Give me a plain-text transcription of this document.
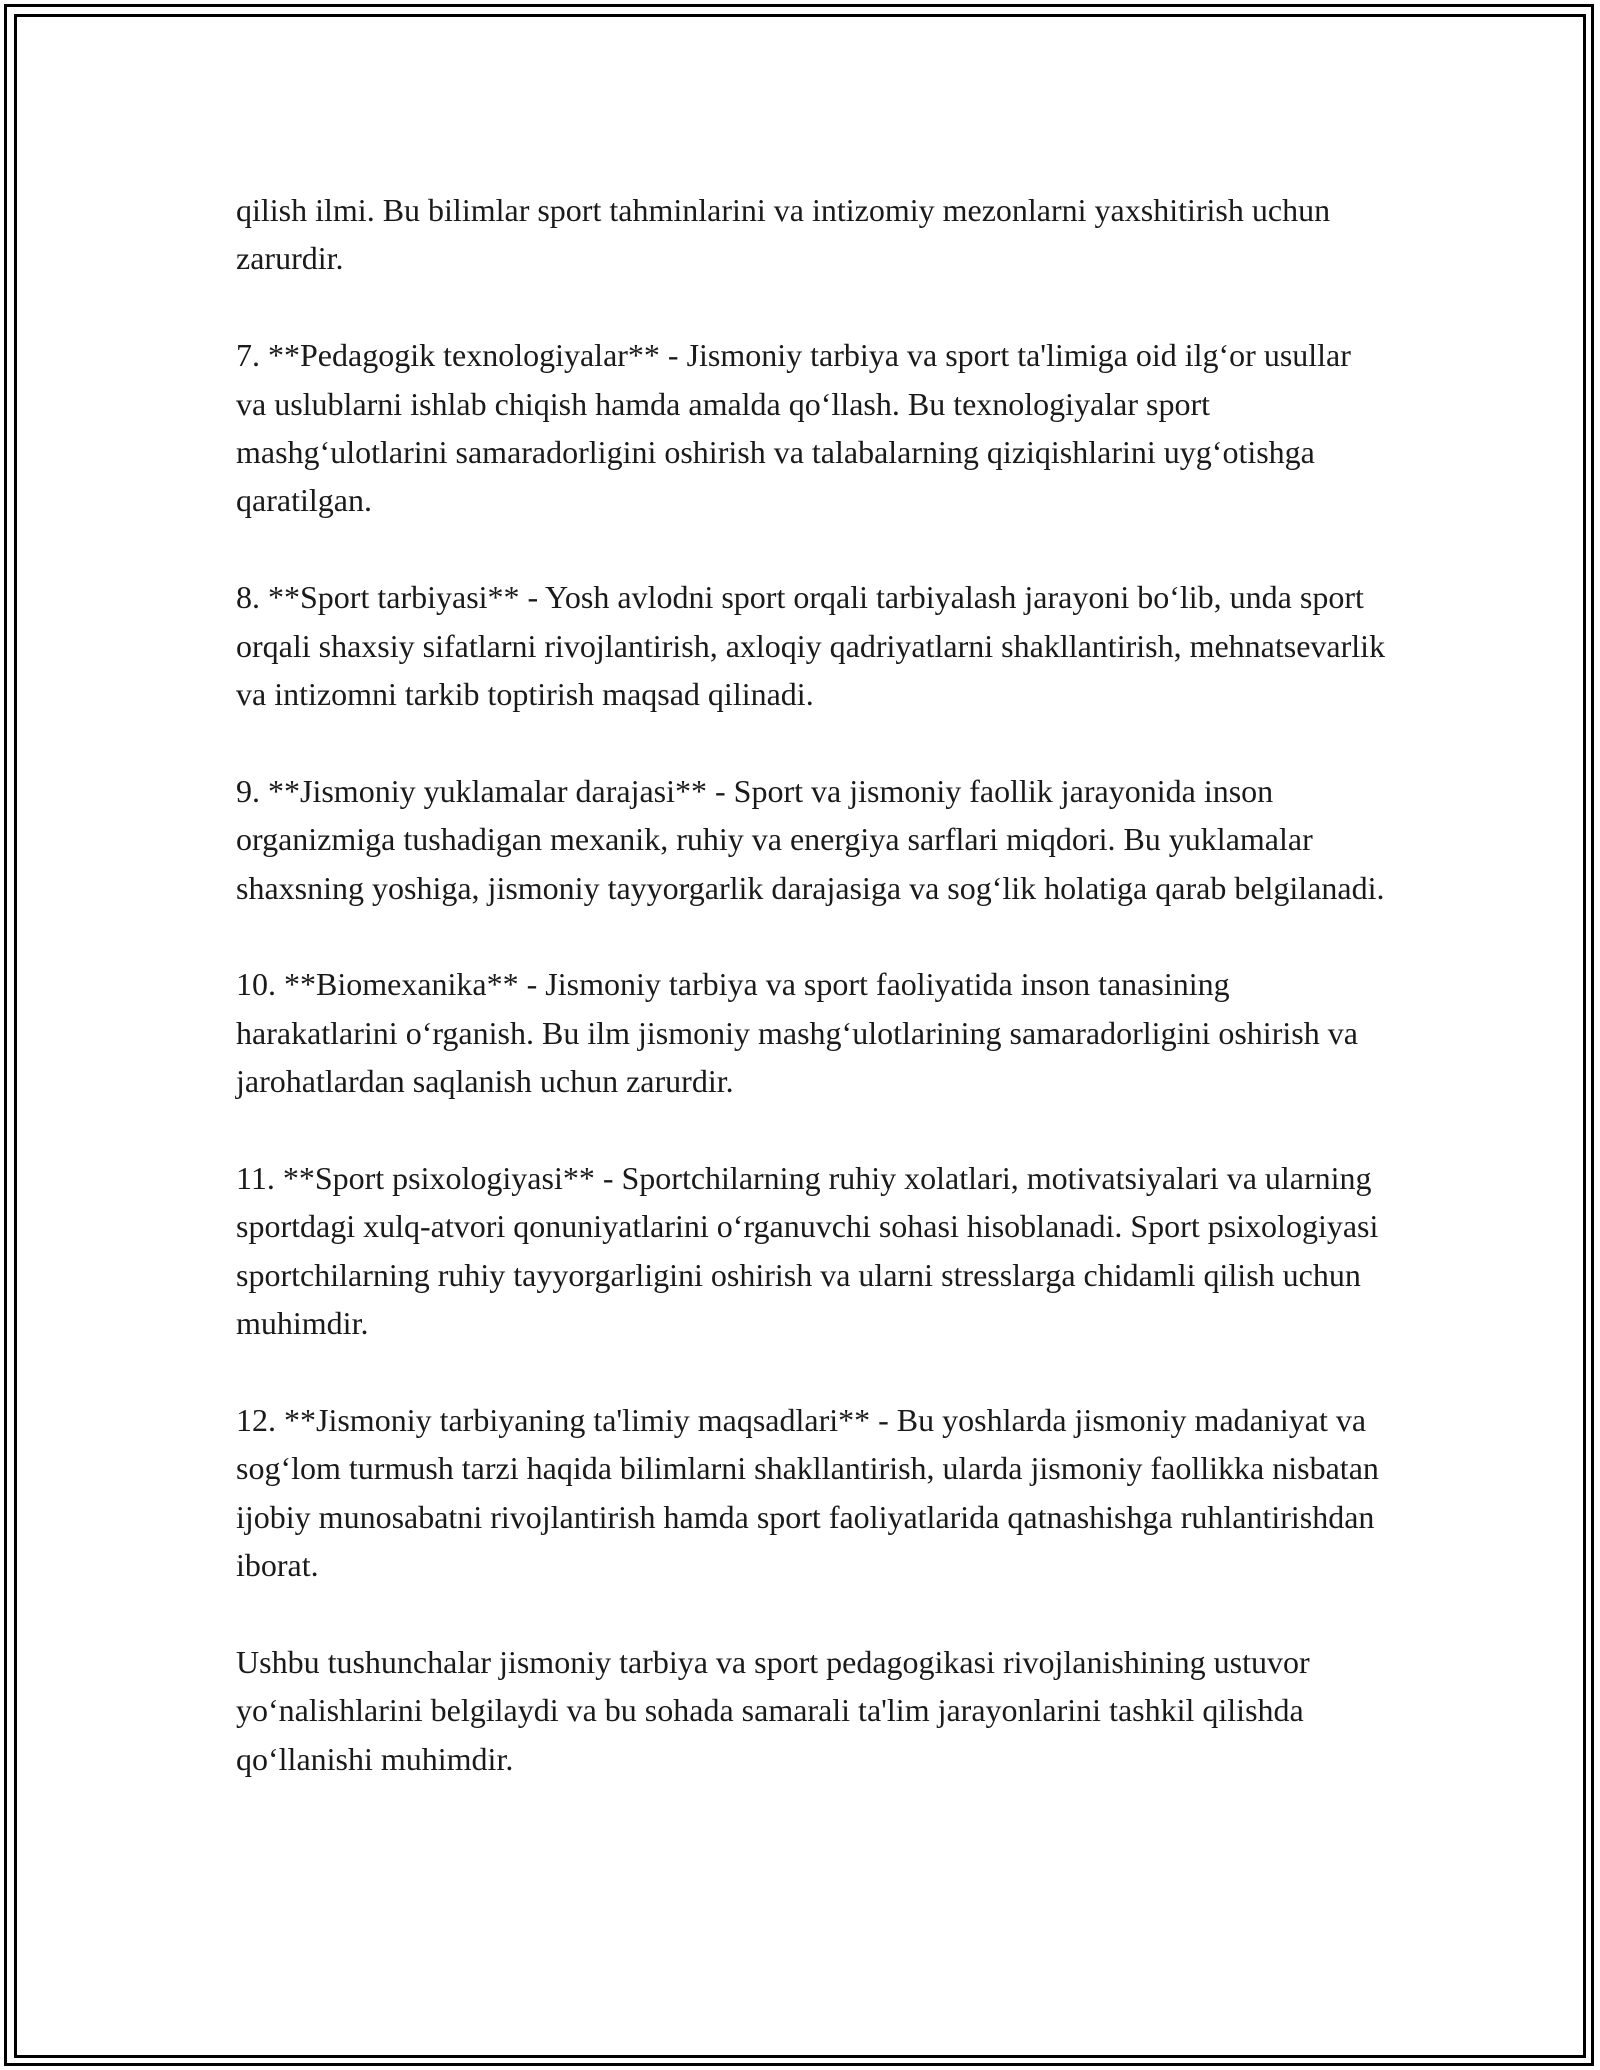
qilish ilmi. Bu bilimlar sport tahminlarini va intizomiy mezonlarni yaxshitirish uchun zarurdir.

7. **Pedagogik texnologiyalar** - Jismoniy tarbiya va sport ta'limiga oid ilg‘or usullar va uslublarni ishlab chiqish hamda amalda qo‘llash. Bu texnologiyalar sport mashg‘ulotlarini samaradorligini oshirish va talabalarning qiziqishlarini uyg‘otishga qaratilgan.

8. **Sport tarbiyasi** - Yosh avlodni sport orqali tarbiyalash jarayoni bo‘lib, unda sport orqali shaxsiy sifatlarni rivojlantirish, axloqiy qadriyatlarni shakllantirish, mehnatsevarlik va intizomni tarkib toptirish maqsad qilinadi.

9. **Jismoniy yuklamalar darajasi** - Sport va jismoniy faollik jarayonida inson organizmiga tushadigan mexanik, ruhiy va energiya sarflari miqdori. Bu yuklamalar shaxsning yoshiga, jismoniy tayyorgarlik darajasiga va sog‘lik holatiga qarab belgilanadi.

10. **Biomexanika** - Jismoniy tarbiya va sport faoliyatida inson tanasining harakatlarini o‘rganish. Bu ilm jismoniy mashg‘ulotlarining samaradorligini oshirish va jarohatlardan saqlanish uchun zarurdir.

11. **Sport psixologiyasi** - Sportchilarning ruhiy xolatlari, motivatsiyalari va ularning sportdagi xulq-atvori qonuniyatlarini o‘rganuvchi sohasi hisoblanadi. Sport psixologiyasi sportchilarning ruhiy tayyorgarligini oshirish va ularni stresslarga chidamli qilish uchun muhimdir.

12. **Jismoniy tarbiyaning ta'limiy maqsadlari** - Bu yoshlarda jismoniy madaniyat va sog‘lom turmush tarzi haqida bilimlarni shakllantirish, ularda jismoniy faollikka nisbatan ijobiy munosabatni rivojlantirish hamda sport faoliyatlarida qatnashishga ruhlantirishdan iborat.

Ushbu tushunchalar jismoniy tarbiya va sport pedagogikasi rivojlanishining ustuvor yo‘nalishlarini belgilaydi va bu sohada samarali ta'lim jarayonlarini tashkil qilishda qo‘llanishi muhimdir.
